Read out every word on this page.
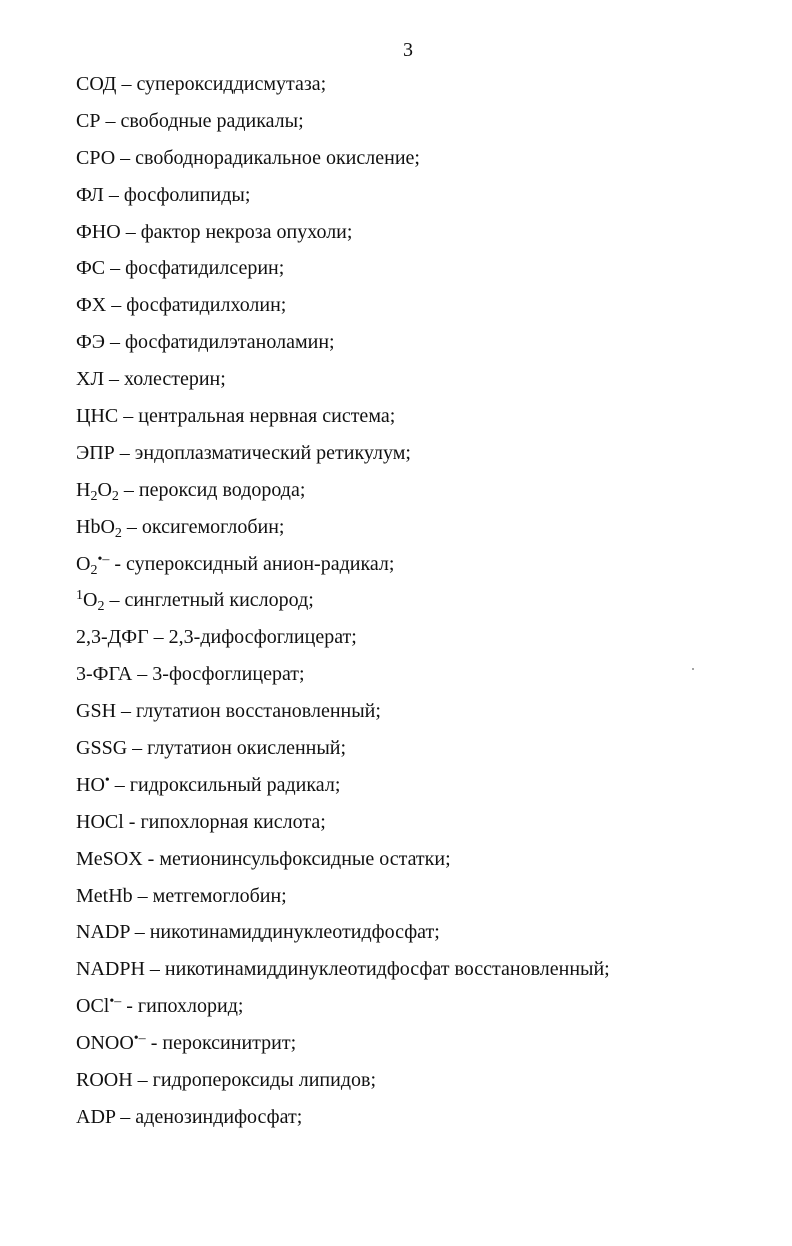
3
СОД – супероксиддисмутаза;
СР – свободные радикалы;
СРО – свободнорадикальное окисление;
ФЛ – фосфолипиды;
ФНО – фактор некроза опухоли;
ФС – фосфатидилсерин;
ФХ – фосфатидилхолин;
ФЭ – фосфатидилэтаноламин;
ХЛ – холестерин;
ЦНС – центральная нервная система;
ЭПР – эндоплазматический ретикулум;
$H_2O_2$ – пероксид водорода;
HbO$_2$ – оксигемоглобин;
$O_2^{•-}$ - супероксидный анион-радикал;
$^1O_2$ – синглетный кислород;
2,3-ДФГ – 2,3-дифосфоглицерат;
3-ФГА – 3-фосфоглицерат;
GSH – глутатион восстановленный;
GSSG – глутатион окисленный;
HO• – гидроксильный радикал;
HOCl - гипохлорная кислота;
MeSOX - метионинсульфоксидные остатки;
MetHb – метгемоглобин;
NADP – никотинамиддинуклеотидфосфат;
NADPH – никотинамиддинуклеотидфосфат восстановленный;
OCl•– - гипохлорид;
ONOO•– - пероксинитрит;
ROOH – гидропероксиды липидов;
ADP – аденозиндифосфат;
